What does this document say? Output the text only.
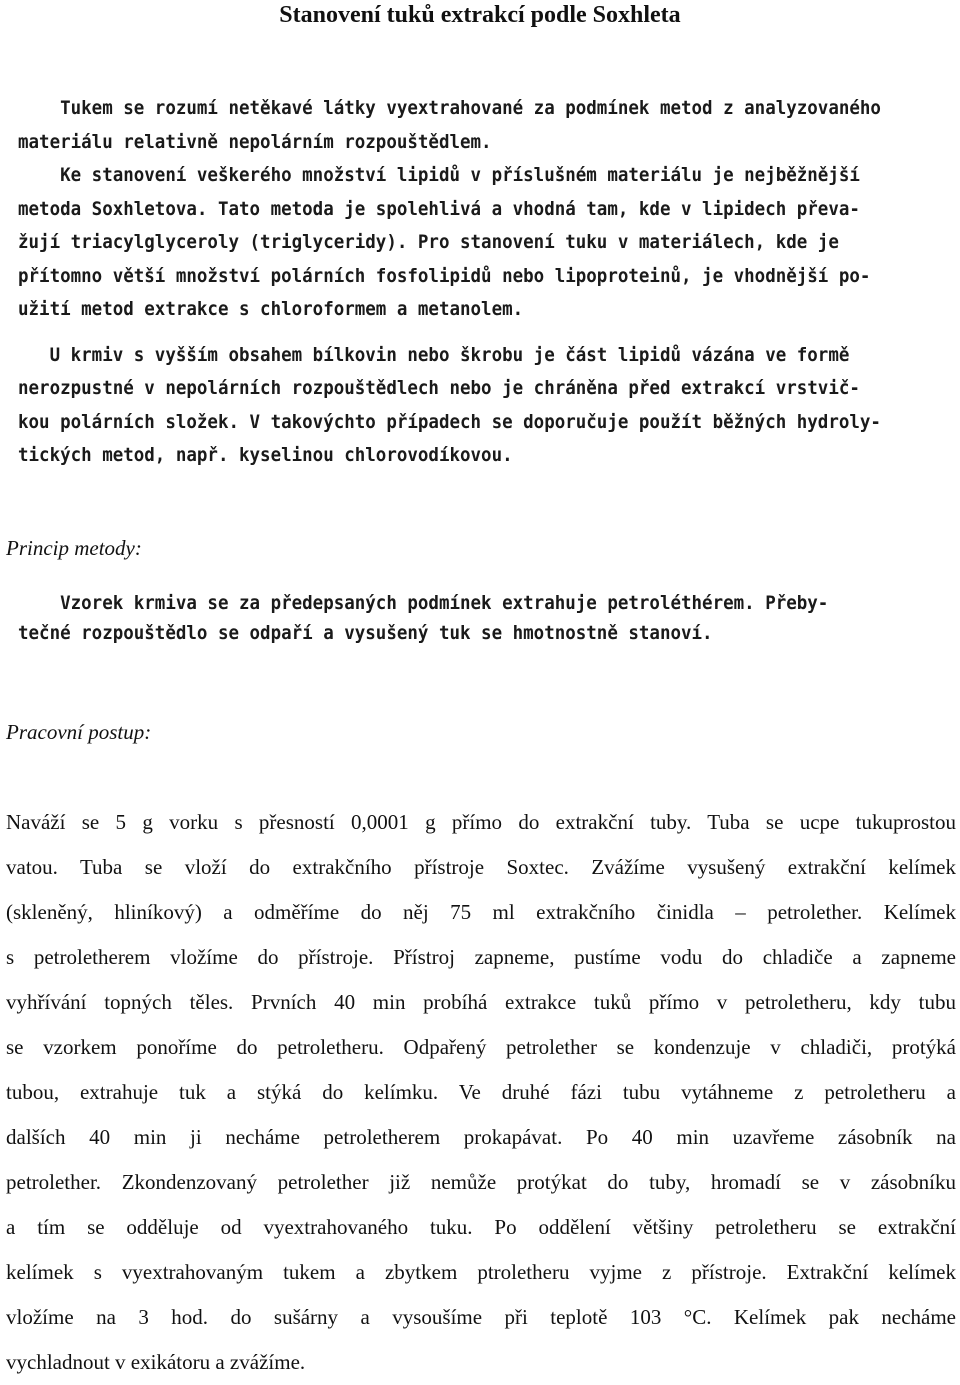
Stanovení tuků extrakcí podle Soxhleta

Tukem se rozumí netěkavé látky vyextrahované za podmínek metod z analyzovaného

materiálu relativně nepolárním rozpouštědlem.

Ke stanovení veškerého množství lipidů v příslušném materiálu je nejběžnější

metoda Soxhletova. Tato metoda je spolehlivá a vhodná tam, kde v lipidech převa-

žují triacylglyceroly (triglyceridy). Pro stanovení tuku v materiálech, kde je

přítomno větší množství polárních fosfolipidů nebo lipoproteinů, je vhodnější po-

užití metod extrakce s chloroformem a metanolem.

U krmiv s vyšším obsahem bílkovin nebo škrobu je část lipidů vázána ve formě

nerozpustné v nepolárních rozpouštědlech nebo je chráněna před extrakcí vrstvič-

kou polárních složek. V takovýchto případech se doporučuje použít běžných hydroly-

tických metod, např. kyselinou chlorovodíkovou.

Princip metody:

Vzorek krmiva se za předepsaných podmínek extrahuje petroléthérem. Přeby-

tečné rozpouštědlo se odpaří a vysušený tuk se hmotnostně stanoví.

Pracovní postup:

Naváží se 5 g vorku s přesností 0,0001 g přímo do extrakční tuby. Tuba se ucpe tukuprostou

vatou. Tuba se vloží do extrakčního přístroje Soxtec. Zvážíme vysušený extrakční kelímek

(skleněný, hliníkový) a odměříme do něj 75 ml extrakčního činidla – petrolether. Kelímek

s petroletherem vložíme do přístroje. Přístroj zapneme, pustíme vodu do chladiče a zapneme

vyhřívání topných těles. Prvních 40 min probíhá extrakce tuků přímo v petroletheru, kdy tubu

se vzorkem ponoříme do petroletheru. Odpařený petrolether se kondenzuje v chladiči, protýká

tubou, extrahuje tuk a stýká do kelímku. Ve druhé fázi tubu vytáhneme z petroletheru a

dalších 40 min ji necháme petroletherem prokapávat. Po 40 min uzavřeme zásobník na

petrolether. Zkondenzovaný petrolether již nemůže protýkat do tuby, hromadí se v zásobníku

a tím se odděluje od vyextrahovaného tuku. Po oddělení většiny petroletheru se extrakční

kelímek s vyextrahovaným tukem a zbytkem ptroletheru vyjme z přístroje. Extrakční kelímek

vložíme na 3 hod. do sušárny a vysoušíme při teplotě 103 °C. Kelímek pak necháme

vychladnout v exikátoru a zvážíme.
